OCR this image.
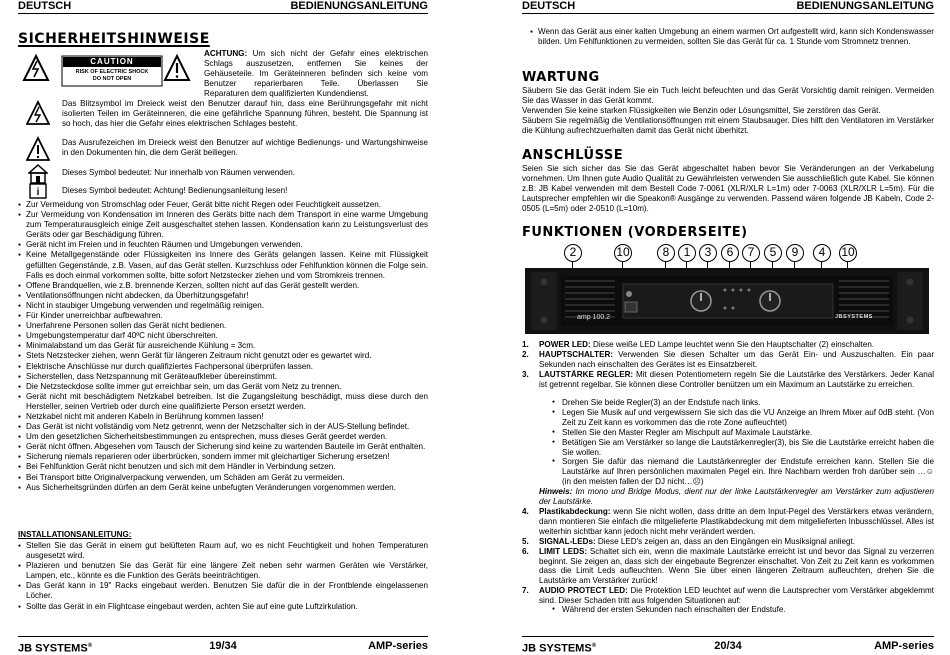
DEUTSCH	BEDIENUNGSANLEITUNG
SICHERHEITSHINWEISE
CAUTION
RISK OF ELECTRIC SHOCK
DO NOT OPEN
ACHTUNG: Um sich nicht der Gefahr eines elektrischen
Schlags auszusetzen, entfernen Sie keines der
Gehäuseteile. Im Geräteinneren befinden sich keine vom
Benutzer reparierbaren Teile. Überlassen Sie
Reparaturen dem qualifizierten Kundendienst.
Das Blitzsymbol im Dreieck weist den Benutzer darauf hin, dass eine Berührungsgefahr mit nicht isolierten Teilen im Geräteinneren, die eine gefährliche Spannung führen, besteht. Die Spannung ist so hoch, das hier die Gefahr eines elektrischen Schlages besteht.
Das Ausrufezeichen im Dreieck weist den Benutzer auf wichtige Bedienungs- und Wartungshinweise in den Dokumenten hin, die dem Gerät beiliegen.
Dieses Symbol bedeutet: Nur innerhalb von Räumen verwenden.
i	Dieses Symbol bedeutet: Achtung! Bedienungsanleitung lesen!
● Zur Vermeidung von Stromschlag oder Feuer, Gerät bitte nicht Regen oder Feuchtigkeit aussetzen.
● Zur Vermeidung von Kondensation im Inneren des Geräts bitte nach dem Transport in eine warme Umgebung zum Temperaturausgleich einige Zeit ausgeschaltet stehen lassen. Kondensation kann zu Leistungsverlust des Geräts oder gar Beschädigung führen.
● Gerät nicht im Freien und in feuchten Räumen und Umgebungen verwenden.
● Keine Metallgegenstände oder Flüssigkeiten ins Innere des Geräts gelangen lassen. Keine mit Flüssigkeit gefüllten Gegenstände, z.B. Vasen, auf das Gerät stellen. Kurzschluss oder Fehlfunktion können die Folge sein. Falls es doch einmal vorkommen sollte, bitte sofort Netzstecker ziehen und vom Stromkreis trennen.
● Offene Brandquellen, wie z.B. brennende Kerzen, sollten nicht auf das Gerät gestellt werden.
● Ventilationsöffnungen nicht abdecken, da Überhitzungsgefahr!
● Nicht in staubiger Umgebung verwenden und regelmäßig reinigen.
● Für Kinder unerreichbar aufbewahren.
● Unerfahrene Personen sollen das Gerät nicht bedienen.
● Umgebungstemperatur darf 40ºC nicht überschreiten.
● Minimalabstand um das Gerät für ausreichende Kühlung = 3cm.
● Stets Netzstecker ziehen, wenn Gerät für längeren Zeitraum nicht genutzt oder es gewartet wird.
● Elektrische Anschlüsse nur durch qualifiziertes Fachpersonal überprüfen lassen.
● Sicherstellen, dass Netzspannung mit Geräteaufkleber übereinstimmt.
● Die Netzsteckdose sollte immer gut erreichbar sein, um das Gerät vom Netz zu trennen.
● Gerät nicht mit beschädigtem Netzkabel betreiben. Ist die Zugangsleitung beschädigt, muss diese durch den Hersteller, seinen Vertrieb oder durch eine qualifizierte Person ersetzt werden.
● Netzkabel nicht mit anderen Kabeln in Berührung kommen lassen!
● Das Gerät ist nicht vollständig vom Netz getrennt, wenn der Netzschalter sich in der AUS-Stellung befindet.
● Um den gesetzlichen Sicherheitsbestimmungen zu entsprechen, muss dieses Gerät geerdet werden.
● Gerät nicht öffnen. Abgesehen vom Tausch der Sicherung sind keine zu wartenden Bauteile im Gerät enthalten.
● Sicherung niemals reparieren oder überbrücken, sondern immer mit gleichartiger Sicherung ersetzen!
● Bei Fehlfunktion Gerät nicht benutzen und sich mit dem Händler in Verbindung setzen.
● Bei Transport bitte Originalverpackung verwenden, um Schäden am Gerät zu vermeiden.
● Aus Sicherheitsgründen dürfen an dem Gerät keine unbefugten Veränderungen vorgenommen werden.
INSTALLATIONSANLEITUNG:
● Stellen Sie das Gerät in einem gut belüfteten Raum auf, wo es nicht Feuchtigkeit und hohen Temperaturen ausgesetzt wird.
● Plazieren und benutzen Sie das Gerät für eine längere Zeit neben sehr warmen Geräten wie Verstärker, Lampen, etc., könnte es die Funktion des Geräts beeinträchtigen.
● Das Gerät kann in 19" Racks eingebaut werden. Benutzen Sie dafür die in der Frontblende eingelassenen Löcher.
● Sollte das Gerät in ein Flightcase eingebaut werden, achten Sie auf eine gute Luftzirkulation.
JB SYSTEMS®	19/34	AMP-series
DEUTSCH	BEDIENUNGSANLEITUNG
● Wenn das Gerät aus einer kalten Umgebung an einem warmen Ort aufgestellt wird, kann sich Kondenswasser bilden. Um Fehlfunktionen zu vermeiden, sollten Sie das Gerät für ca. 1 Stunde vom Stromnetz trennen.
WARTUNG
Säubern Sie das Gerät indem Sie ein Tuch leicht befeuchten und das Gerät Vorsichtig damit reinigen. Vermeiden Sie das Wasser in das Gerät kommt.
Verwenden Sie keine starken Flüssigkeiten wie Benzin oder Lösungsmittel, Sie zerstören das Gerät.
Säubern Sie regelmäßig die Ventilationsöffnungen mit einem Staubsauger. Dies hilft den Ventilatoren im Verstärker die Kühlung aufrechtzuerhalten damit das Gerät nicht überhitzt.
ANSCHLÜSSE
Seien Sie sich sicher das Sie das Gerät abgeschaltet haben bevor Sie Veränderungen an der Verkabelung vornehmen. Um Ihnen gute Audio Qualität zu Gewährleisten verwenden Sie ausschließlich gute Kabel. Sie können z.B: JB Kabel verwenden mit dem Bestell Code 7-0061 (XLR/XLR L=1m) oder 7-0063 (XLR/XLR L=5m). Für die Lautsprecher empfehlen wir die Speakon® Ausgänge zu verwenden. Passend wären folgende JB Kabeln, Code 2-0505 (L=5m) oder 2-0510 (L=10m).
FUNKTIONEN (VORDERSEITE)
2	10	8	1	3	6	7	5	9	4	10
amp 100.2	JBSYSTEMS
1. POWER LED: Diese weiße LED Lampe leuchtet wenn Sie den Hauptschalter (2) einschalten.
2. HAUPTSCHALTER: Verwenden Sie diesen Schalter um das Gerät Ein- und Auszuschalten. Ein paar Sekunden nach einschalten des Gerätes ist es Einsatzbereit.
3. LAUTSTÄRKE REGLER: Mit diesen Potentiometern regeln Sie die Lautstärke des Verstärkers. Jeder Kanal ist getrennt regelbar. Sie können diese Controller benützen um ein Maximum an Lautstärke zu erreichen.
● Drehen Sie beide Regler(3) an der Endstufe nach links.
● Legen Sie Musik auf und vergewissern Sie sich das die VU Anzeige an Ihrem Mixer auf 0dB steht. (Von Zeit zu Zeit kann es vorkommen das die rote Zone aufleuchtet)
● Stellen Sie den Master Regler am Mischpult auf Maximale Lautstärke.
● Betätigen Sie am Verstärker so lange die Lautstärkenregler(3), bis Sie die Lautstärke erreicht haben die Sie wollen.
● Sorgen Sie dafür das niemand die Lautstärkenregler der Endstufe erreichen kann. Stellen Sie die Lautstärke auf Ihren persönlichen maximalen Pegel ein. Ihre Nachbarn werden froh darüber sein …☺ (in den meisten fallen der DJ nicht…☹)
Hinweis: Im mono und Bridge Modus, dient nur der linke Lautstärkenregler am Verstärker zum adjustieren der Lautstärke.
4. Plastikabdeckung: wenn Sie nicht wollen, dass dritte an dem Input-Pegel des Verstärkers etwas verändern, dann montieren Sie einfach die mitgelieferte Plastikabdeckung mit dem mitgelieferten Inbusschlüssel. Alles ist weiterhin sichtbar kann jedoch nicht mehr verändert werden.
5. SIGNAL-LEDs: Diese LED's zeigen an, dass an den Eingängen ein Musiksignal anliegt.
6. LIMIT LEDS: Schaltet sich ein, wenn die maximale Lautstärke erreicht ist und bevor das Signal zu verzerren beginnt. Sie zeigen an, dass sich der eingebaute Begrenzer einschaltet. Von Zeit zu Zeit kann es vorkommen dass die Limit Leds aufleuchten. Wenn Sie über einen längeren Zeitraum aufleuchten, drehen Sie die Lautstärke am Verstärker zurück!
7. AUDIO PROTECT LED: Die Protektion LED leuchtet auf wenn die Lautsprecher vom Verstärker abgeklemmt sind. Dieser Schaden tritt aus folgenden Situationen auf:
● Während der ersten Sekunden nach einschalten der Endstufe.
JB SYSTEMS®	20/34	AMP-series
